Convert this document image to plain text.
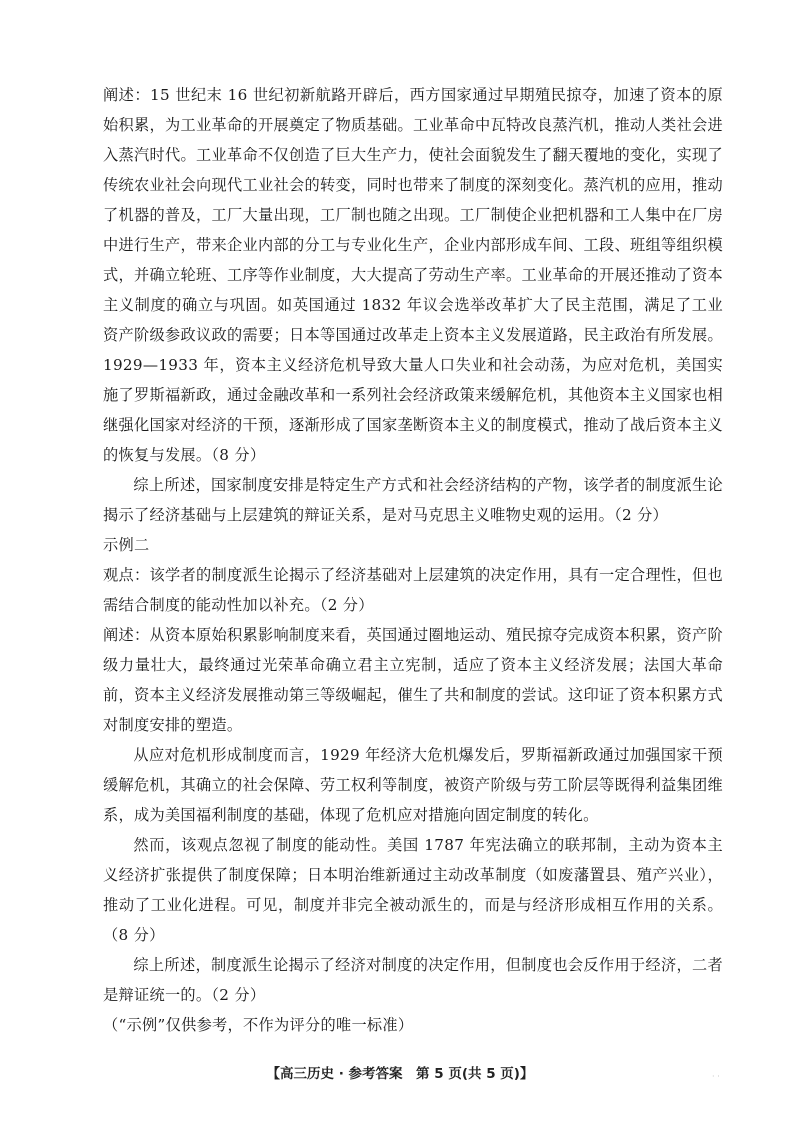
阐述：15 世纪末 16 世纪初新航路开辟后，西方国家通过早期殖民掠夺，加速了资本的原始积累，为工业革命的开展奠定了物质基础。工业革命中瓦特改良蒸汽机，推动人类社会进入蒸汽时代。工业革命不仅创造了巨大生产力，使社会面貌发生了翻天覆地的变化，实现了传统农业社会向现代工业社会的转变，同时也带来了制度的深刻变化。蒸汽机的应用，推动了机器的普及，工厂大量出现，工厂制也随之出现。工厂制使企业把机器和工人集中在厂房中进行生产，带来企业内部的分工与专业化生产，企业内部形成车间、工段、班组等组织模式，并确立轮班、工序等作业制度，大大提高了劳动生产率。工业革命的开展还推动了资本主义制度的确立与巩固。如英国通过 1832 年议会选举改革扩大了民主范围，满足了工业资产阶级参政议政的需要；日本等国通过改革走上资本主义发展道路，民主政治有所发展。1929—1933 年，资本主义经济危机导致大量人口失业和社会动荡，为应对危机，美国实施了罗斯福新政，通过金融改革和一系列社会经济政策来缓解危机，其他资本主义国家也相继强化国家对经济的干预，逐渐形成了国家垄断资本主义的制度模式，推动了战后资本主义的恢复与发展。（8 分）

综上所述，国家制度安排是特定生产方式和社会经济结构的产物，该学者的制度派生论揭示了经济基础与上层建筑的辩证关系，是对马克思主义唯物史观的运用。（2 分）

示例二

观点：该学者的制度派生论揭示了经济基础对上层建筑的决定作用，具有一定合理性，但也需结合制度的能动性加以补充。（2 分）

阐述：从资本原始积累影响制度来看，英国通过圈地运动、殖民掠夺完成资本积累，资产阶级力量壮大，最终通过光荣革命确立君主立宪制，适应了资本主义经济发展；法国大革命前，资本主义经济发展推动第三等级崛起，催生了共和制度的尝试。这印证了资本积累方式对制度安排的塑造。

从应对危机形成制度而言，1929 年经济大危机爆发后，罗斯福新政通过加强国家干预缓解危机，其确立的社会保障、劳工权利等制度，被资产阶级与劳工阶层等既得利益集团维系，成为美国福利制度的基础，体现了危机应对措施向固定制度的转化。

然而，该观点忽视了制度的能动性。美国 1787 年宪法确立的联邦制，主动为资本主义经济扩张提供了制度保障；日本明治维新通过主动改革制度（如废藩置县、殖产兴业），推动了工业化进程。可见，制度并非完全被动派生的，而是与经济形成相互作用的关系。（8 分）

综上所述，制度派生论揭示了经济对制度的决定作用，但制度也会反作用于经济，二者是辩证统一的。（2 分）

（“示例”仅供参考，不作为评分的唯一标准）

【高三历史 · 参考答案　第 5 页(共 5 页)】	· ·
